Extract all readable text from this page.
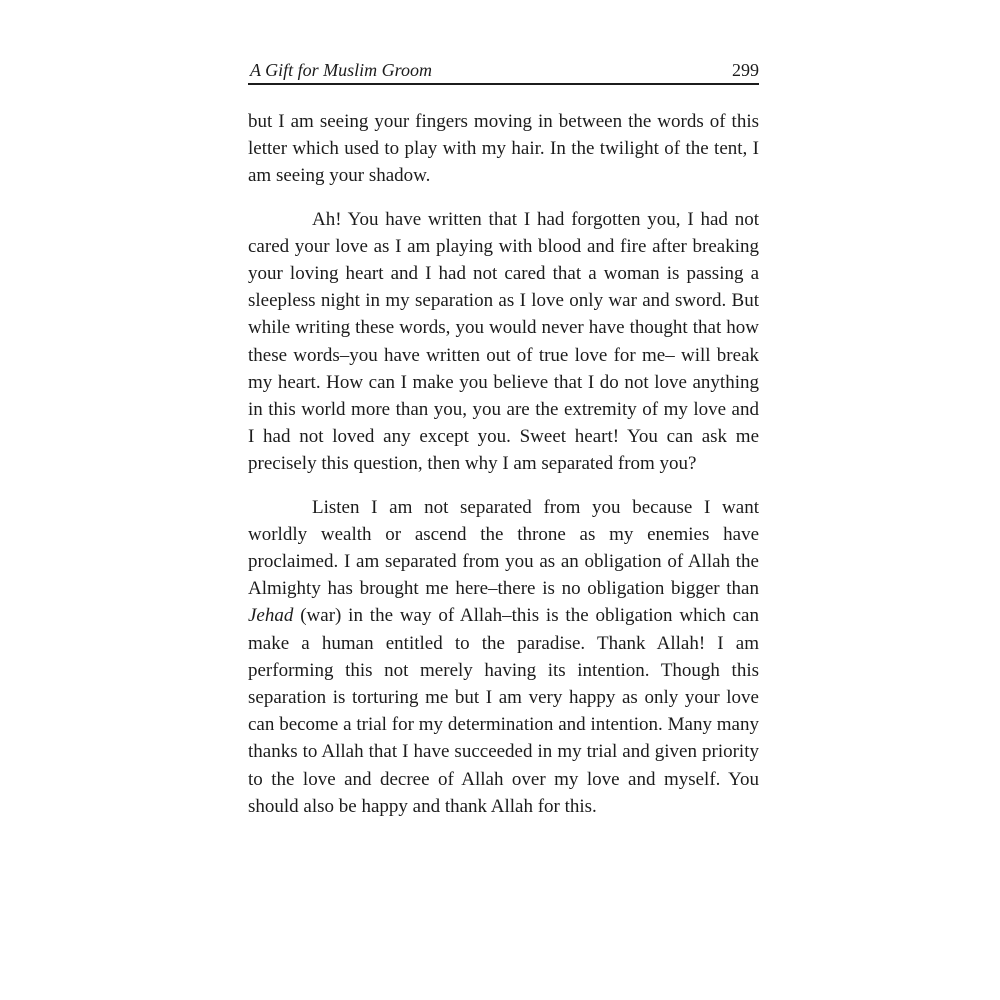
A Gift for Muslim Groom	299

but I am seeing your fingers moving in between the words of this letter which used to play with my hair. In the twilight of the tent, I am seeing your shadow.

Ah! You have written that I had forgotten you, I had not cared your love as I am playing with blood and fire after breaking your loving heart and I had not cared that a woman is passing a sleepless night in my separation as I love only war and sword. But while writing these words, you would never have thought that how these words–you have written out of true love for me– will break my heart. How can I make you believe that I do not love anything in this world more than you, you are the extremity of my love and I had not loved any except you. Sweet heart! You can ask me precisely this question, then why I am separated from you?

Listen I am not separated from you because I want worldly wealth or ascend the throne as my enemies have proclaimed. I am separated from you as an obligation of Allah the Almighty has brought me here–there is no obligation bigger than Jehad (war) in the way of Allah–this is the obligation which can make a human entitled to the paradise. Thank Allah! I am performing this not merely having its intention. Though this separation is torturing me but I am very happy as only your love can become a trial for my determination and intention. Many many thanks to Allah that I have succeeded in my trial and given priority to the love and decree of Allah over my love and myself. You should also be happy and thank Allah for this.
